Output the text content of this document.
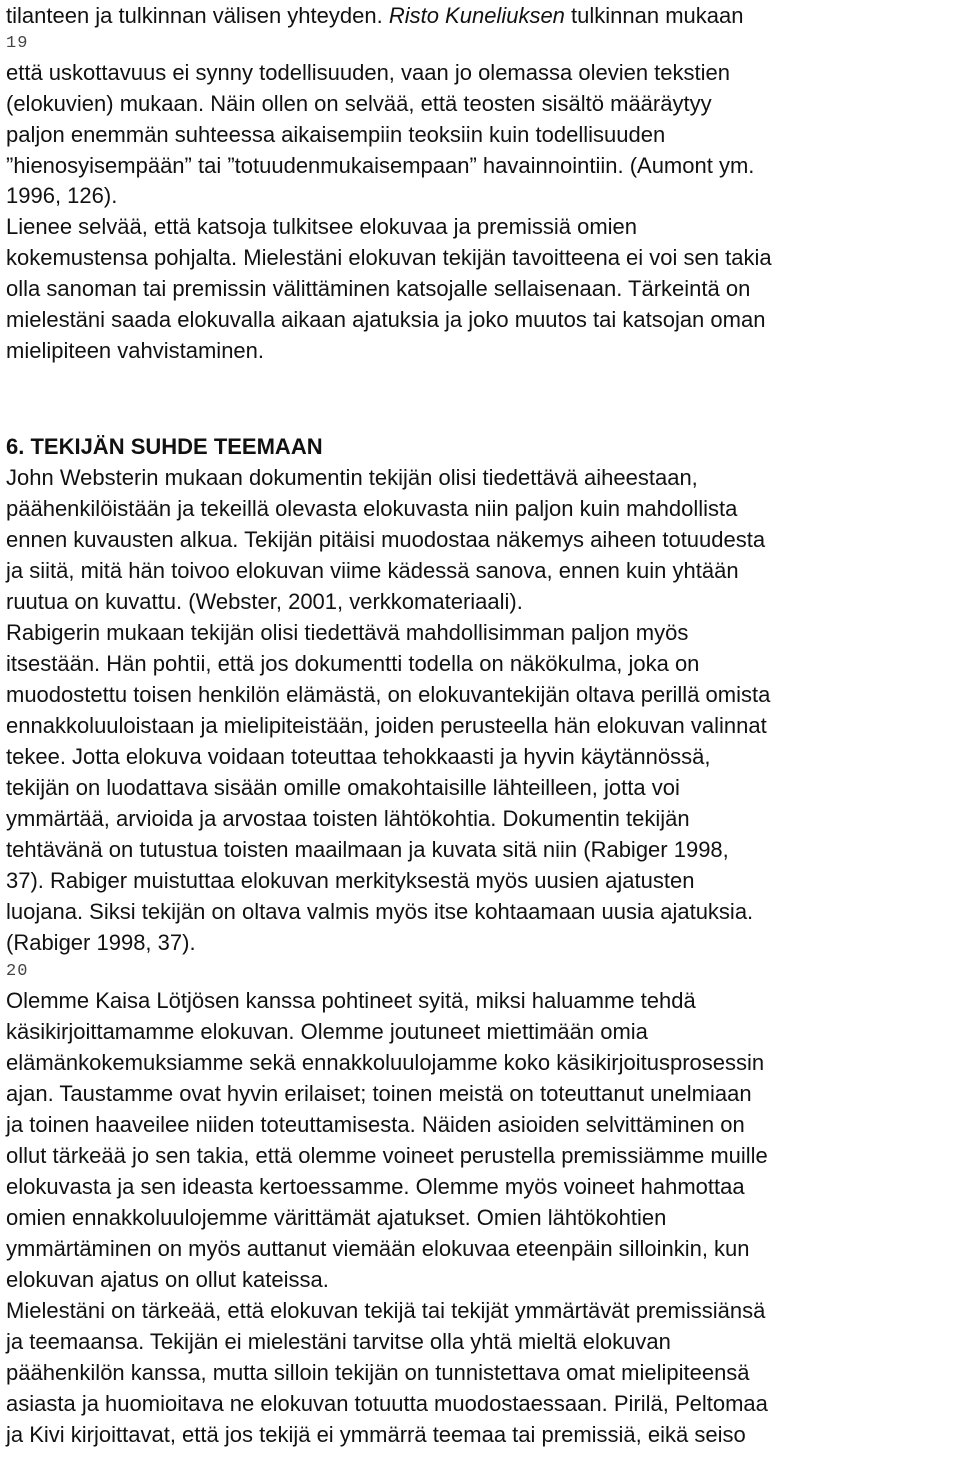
tilanteen ja tulkinnan välisen yhteyden. Risto Kuneliuksen tulkinnan mukaan
19
että uskottavuus ei synny todellisuuden, vaan jo olemassa olevien tekstien
(elokuvien) mukaan. Näin ollen on selvää, että teosten sisältö määräytyy
paljon enemmän suhteessa aikaisempiin teoksiin kuin todellisuuden
”hienosyisempään” tai ”totuudenmukaisempaan” havainnointiin. (Aumont ym.
1996, 126).
Lienee selvää, että katsoja tulkitsee elokuvaa ja premissiä omien
kokemustensa pohjalta. Mielestäni elokuvan tekijän tavoitteena ei voi sen takia
olla sanoman tai premissin välittäminen katsojalle sellaisenaan. Tärkeintä on
mielestäni saada elokuvalla aikaan ajatuksia ja joko muutos tai katsojan oman
mielipiteen vahvistaminen.
6. TEKIJÄN SUHDE TEEMAAN
John Websterin mukaan dokumentin tekijän olisi tiedettävä aiheestaan,
päähenkilöistään ja tekeillä olevasta elokuvasta niin paljon kuin mahdollista
ennen kuvausten alkua. Tekijän pitäisi muodostaa näkemys aiheen totuudesta
ja siitä, mitä hän toivoo elokuvan viime kädessä sanova, ennen kuin yhtään
ruutua on kuvattu. (Webster, 2001, verkkomateriaali).
Rabigerin mukaan tekijän olisi tiedettävä mahdollisimman paljon myös
itsestään. Hän pohtii, että jos dokumentti todella on näkökulma, joka on
muodostettu toisen henkilön elämästä, on elokuvantekijän oltava perillä omista
ennakkoluuloistaan ja mielipiteistään, joiden perusteella hän elokuvan valinnat
tekee. Jotta elokuva voidaan toteuttaa tehokkaasti ja hyvin käytännössä,
tekijän on luodattava sisään omille omakohtaisille lähteilleen, jotta voi
ymmärtää, arvioida ja arvostaa toisten lähtökohtia. Dokumentin tekijän
tehtävänä on tutustua toisten maailmaan ja kuvata sitä niin (Rabiger 1998,
37). Rabiger muistuttaa elokuvan merkityksestä myös uusien ajatusten
luojana. Siksi tekijän on oltava valmis myös itse kohtaamaan uusia ajatuksia.
(Rabiger 1998, 37).
20
Olemme Kaisa Lötjösen kanssa pohtineet syitä, miksi haluamme tehdä
käsikirjoittamamme elokuvan. Olemme joutuneet miettimään omia
elämänkokemuksiamme sekä ennakkoluulojamme koko käsikirjoitusprosessin
ajan. Taustamme ovat hyvin erilaiset; toinen meistä on toteuttanut unelmiaan
ja toinen haaveilee niiden toteuttamisesta. Näiden asioiden selvittäminen on
ollut tärkeää jo sen takia, että olemme voineet perustella premissiämme muille
elokuvasta ja sen ideasta kertoessamme. Olemme myös voineet hahmottaa
omien ennakkoluulojemme värittämät ajatukset. Omien lähtökohtien
ymmärtäminen on myös auttanut viemään elokuvaa eteenpäin silloinkin, kun
elokuvan ajatus on ollut kateissa.
Mielestäni on tärkeää, että elokuvan tekijä tai tekijät ymmärtävät premissiänsä
ja teemaansa. Tekijän ei mielestäni tarvitse olla yhtä mieltä elokuvan
päähenkilön kanssa, mutta silloin tekijän on tunnistettava omat mielipiteensä
asiasta ja huomioitava ne elokuvan totuutta muodostaessaan. Pirilä, Peltomaa
ja Kivi kirjoittavat, että jos tekijä ei ymmärrä teemaa tai premissiä, eikä seiso
